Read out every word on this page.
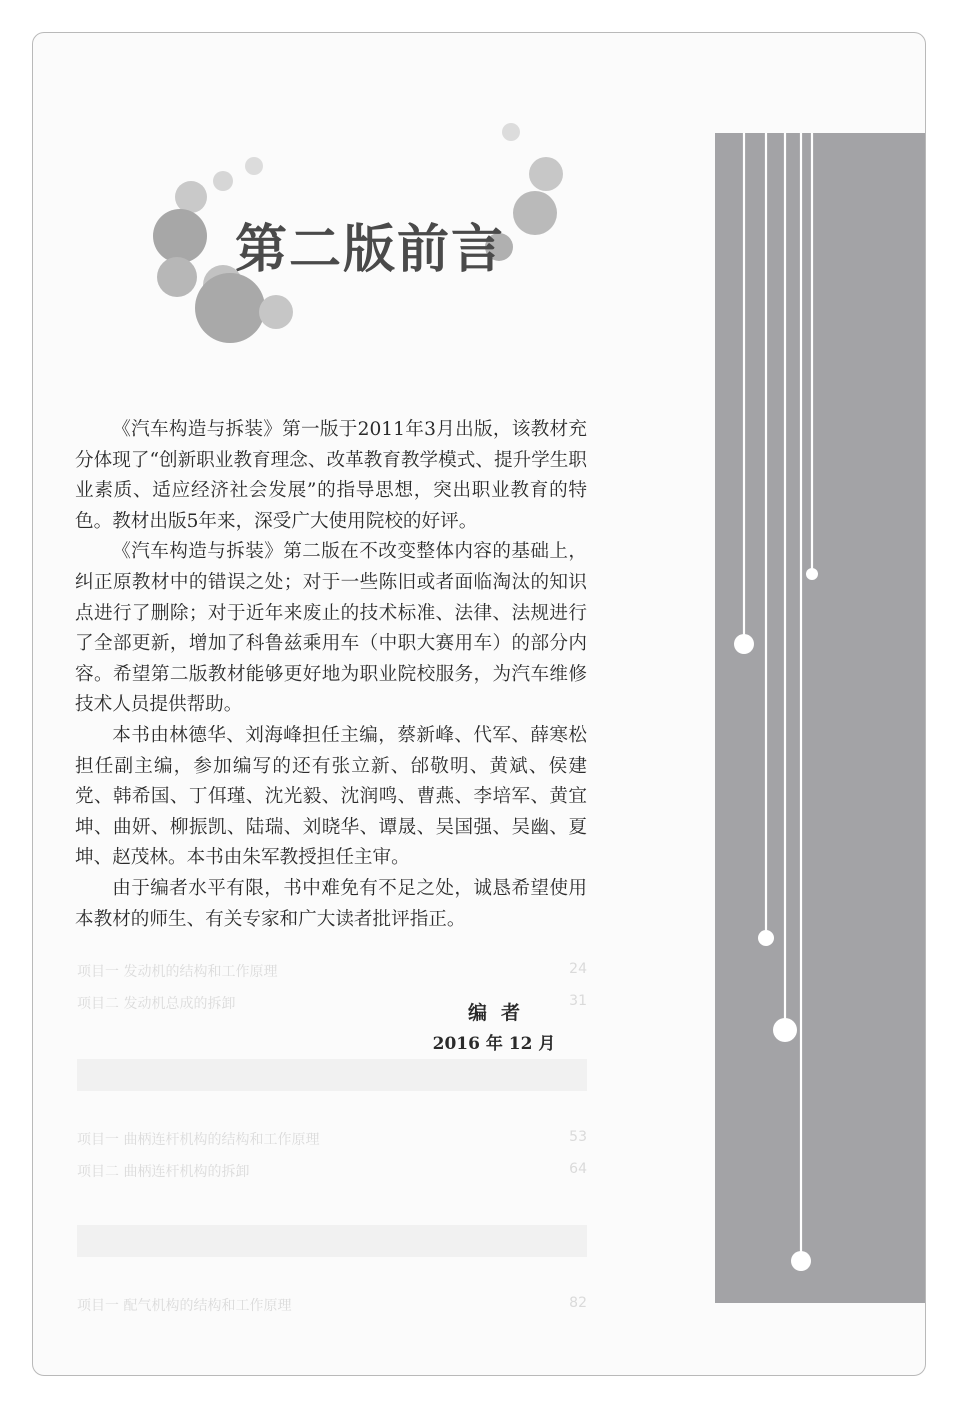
项目一 发动机的结构和工作原理	24
项目二 发动机总成的拆卸	31
项目一 曲柄连杆机构的结构和工作原理	53
项目二 曲柄连杆机构的拆卸	64
项目一 配气机构的结构和工作原理	82
第二版前言

《汽车构造与拆装》第一版于2011年3月出版，该教材充分体现了“创新职业教育理念、改革教育教学模式、提升学生职业素质、适应经济社会发展”的指导思想，突出职业教育的特色。教材出版5年来，深受广大使用院校的好评。

《汽车构造与拆装》第二版在不改变整体内容的基础上，纠正原教材中的错误之处；对于一些陈旧或者面临淘汰的知识点进行了删除；对于近年来废止的技术标准、法律、法规进行了全部更新，增加了科鲁兹乘用车（中职大赛用车）的部分内容。希望第二版教材能够更好地为职业院校服务，为汽车维修技术人员提供帮助。

本书由林德华、刘海峰担任主编，蔡新峰、代军、薛寒松担任副主编，参加编写的还有张立新、邰敬明、黄斌、侯建党、韩希国、丁佴瑾、沈光毅、沈润鸣、曹燕、李培军、黄宜坤、曲妍、柳振凯、陆瑞、刘晓华、谭晟、吴国强、吴幽、夏坤、赵茂林。本书由朱军教授担任主审。

由于编者水平有限，书中难免有不足之处，诚恳希望使用本教材的师生、有关专家和广大读者批评指正。

编者
2016 年 12 月
